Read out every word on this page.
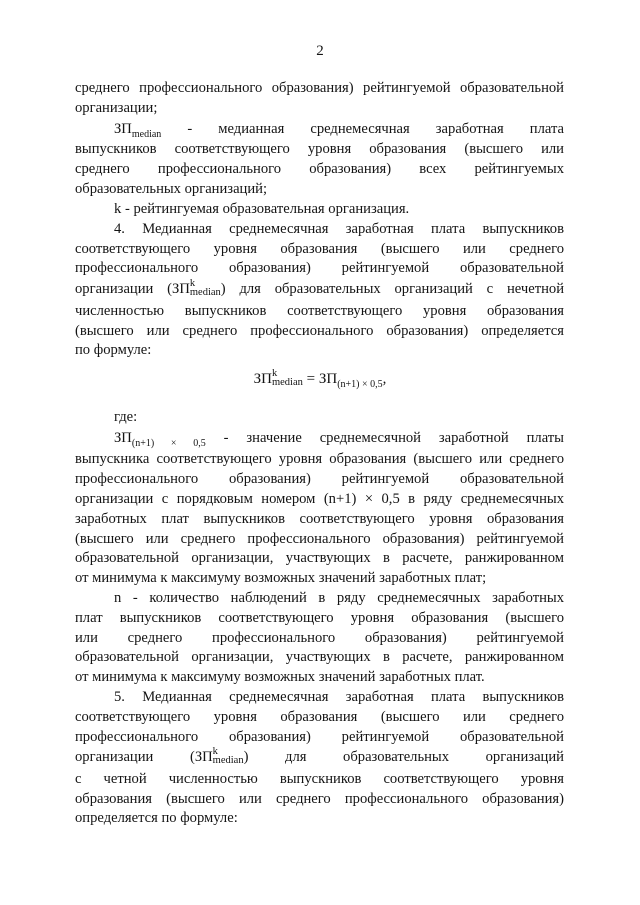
2
среднего профессионального образования) рейтингуемой образовательной
организации;
$ЗП_{median}$ - медианная среднемесячная заработная плата
выпускников соответствующего уровня образования (высшего или
среднего профессионального образования) всех рейтингуемых
образовательных организаций;
k - рейтингуемая образовательная организация.
4. Медианная среднемесячная заработная плата выпускников
соответствующего уровня образования (высшего или среднего
профессионального образования) рейтингуемой образовательной
организации (ЗП k
median ) для образовательных организаций с нечетной
численностью выпускников соответствующего уровня образования
(высшего или среднего профессионального образования) определяется
по формуле:
ЗП k
median = $ЗП_{(n+1) \times 0,5}$,
где:
$ЗП_{(n+1) \times 0,5}$ - значение среднемесячной заработной платы
выпускника соответствующего уровня образования (высшего или среднего
профессионального образования) рейтингуемой образовательной
организации с порядковым номером (n+1) × 0,5 в ряду среднемесячных
заработных плат выпускников соответствующего уровня образования
(высшего или среднего профессионального образования) рейтингуемой
образовательной организации, участвующих в расчете, ранжированном
от минимума к максимуму возможных значений заработных плат;
n - количество наблюдений в ряду среднемесячных заработных
плат выпускников соответствующего уровня образования (высшего
или среднего профессионального образования) рейтингуемой
образовательной организации, участвующих в расчете, ранжированном
от минимума к максимуму возможных значений заработных плат.
5. Медианная среднемесячная заработная плата выпускников
соответствующего уровня образования (высшего или среднего
профессионального образования) рейтингуемой образовательной
организации (ЗП k
median ) для	образовательных	организаций
с четной численностью выпускников соответствующего уровня
образования (высшего или среднего профессионального образования)
определяется по формуле:
